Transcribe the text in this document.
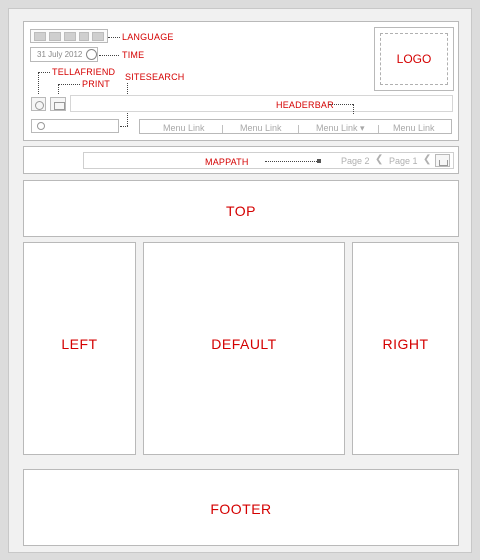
LANGUAGE
31 July 2012	TIME	LOGO
TELLAFRIEND
PRINT
SITESEARCH
HEADERBAR
Menu Link	Menu Link	Menu Link ▾	Menu Link
MAPPATH	Page 2 ❮ Page 1 ❮
TOP
LEFT	DEFAULT	RIGHT
FOOTER
